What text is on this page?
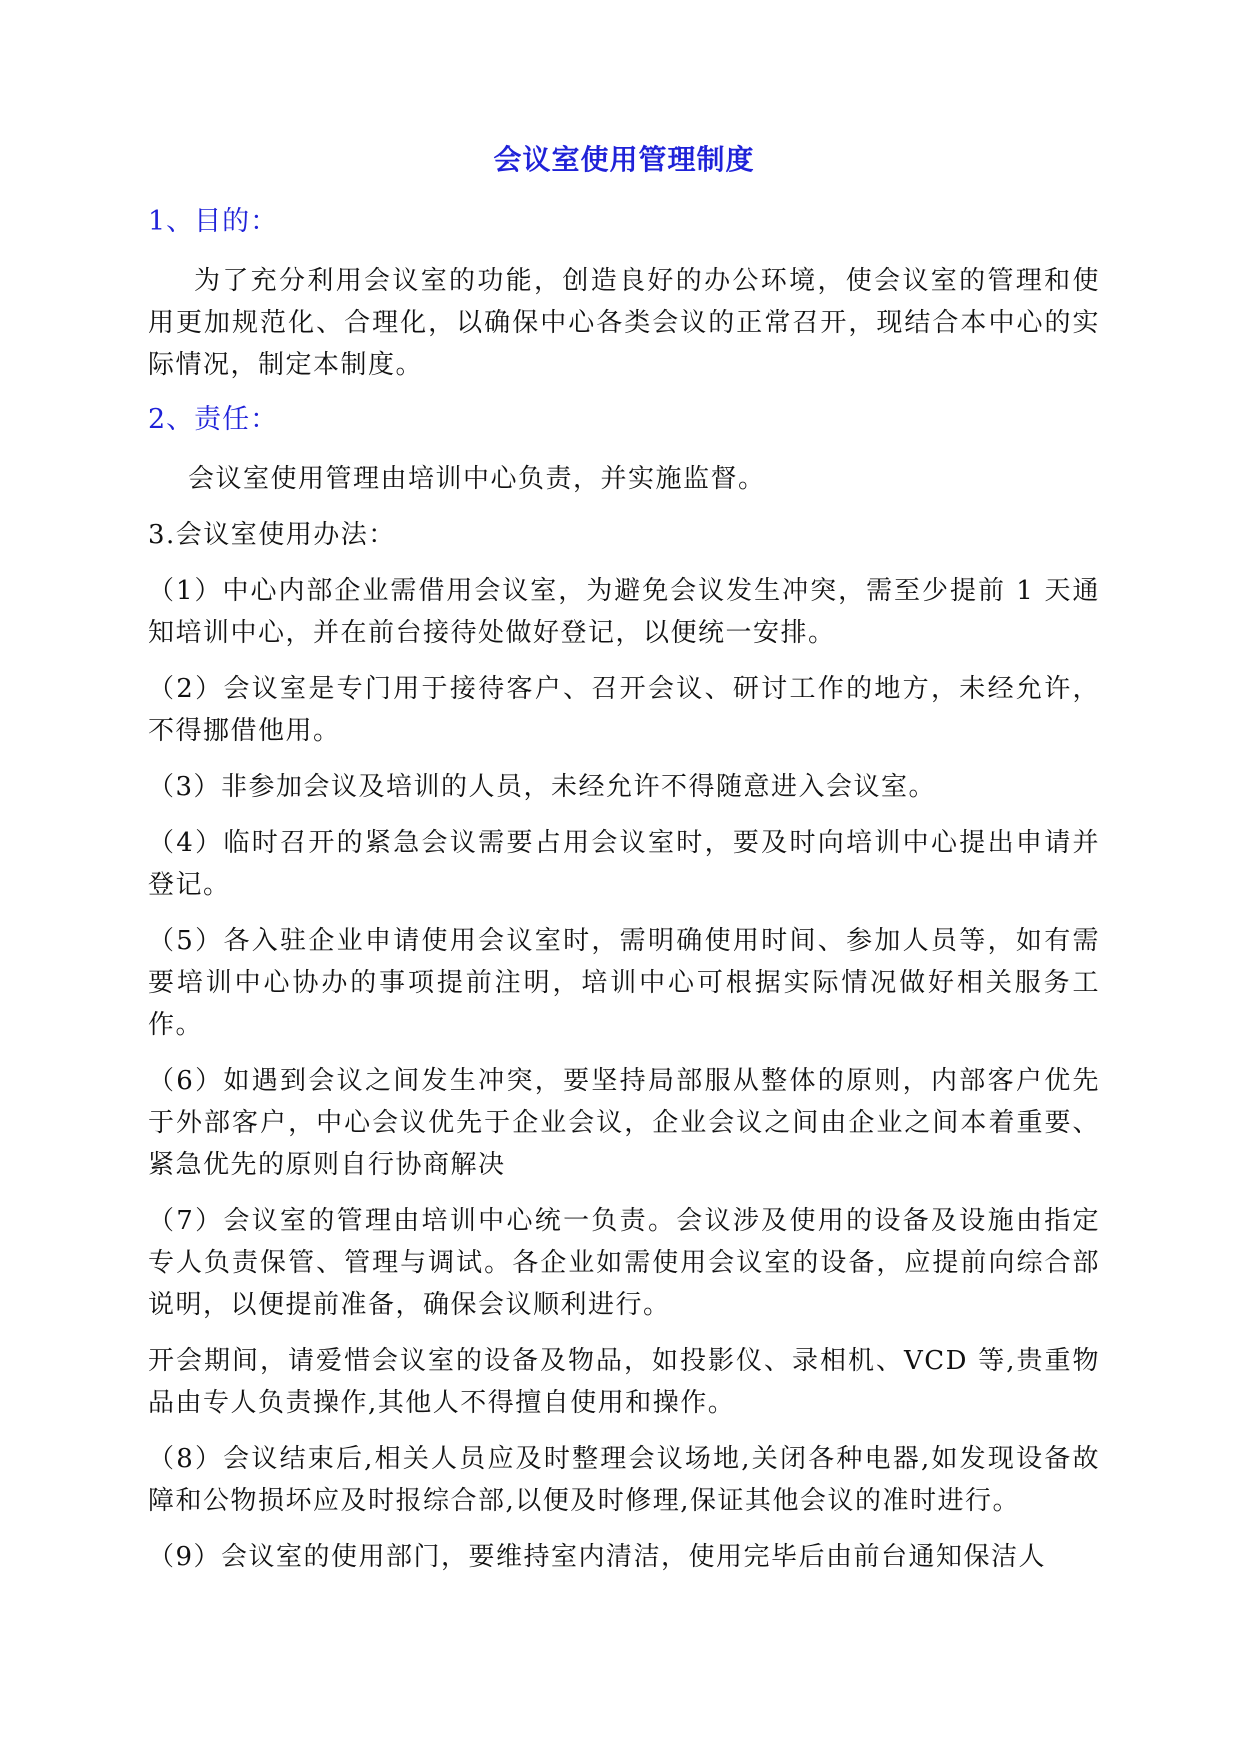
会议室使用管理制度
1、目的：
为了充分利用会议室的功能，创造良好的办公环境，使会议室的管理和使用更加规范化、合理化，以确保中心各类会议的正常召开，现结合本中心的实际情况，制定本制度。
2、责任：
会议室使用管理由培训中心负责，并实施监督。
3.会议室使用办法：
（1）中心内部企业需借用会议室，为避免会议发生冲突，需至少提前 1 天通知培训中心，并在前台接待处做好登记，以便统一安排。
（2）会议室是专门用于接待客户、召开会议、研讨工作的地方，未经允许，不得挪借他用。
（3）非参加会议及培训的人员，未经允许不得随意进入会议室。
（4）临时召开的紧急会议需要占用会议室时，要及时向培训中心提出申请并登记。
（5）各入驻企业申请使用会议室时，需明确使用时间、参加人员等，如有需要培训中心协办的事项提前注明，培训中心可根据实际情况做好相关服务工作。
（6）如遇到会议之间发生冲突，要坚持局部服从整体的原则，内部客户优先于外部客户，中心会议优先于企业会议，企业会议之间由企业之间本着重要、紧急优先的原则自行协商解决
（7）会议室的管理由培训中心统一负责。会议涉及使用的设备及设施由指定专人负责保管、管理与调试。各企业如需使用会议室的设备，应提前向综合部说明，以便提前准备，确保会议顺利进行。
开会期间，请爱惜会议室的设备及物品，如投影仪、录相机、VCD 等,贵重物品由专人负责操作,其他人不得擅自使用和操作。
（8）会议结束后,相关人员应及时整理会议场地,关闭各种电器,如发现设备故障和公物损坏应及时报综合部,以便及时修理,保证其他会议的准时进行。
（9）会议室的使用部门，要维持室内清洁，使用完毕后由前台通知保洁人
